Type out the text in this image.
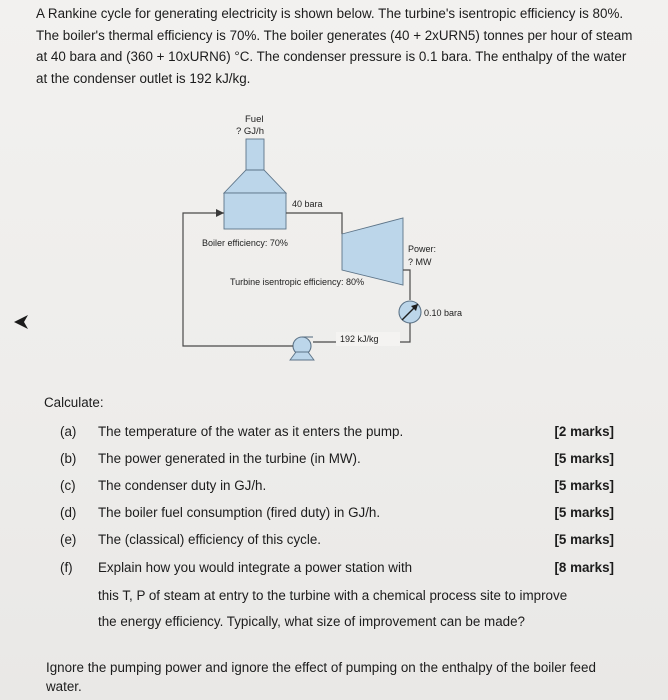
A Rankine cycle for generating electricity is shown below. The turbine's isentropic efficiency is 80%. The boiler's thermal efficiency is 70%. The boiler generates (40 + 2xURN5) tonnes per hour of steam at 40 bara and (360 + 10xURN6) °C. The condenser pressure is 0.1 bara. The enthalpy of the water at the condenser outlet is 192 kJ/kg.

Fuel
? GJ/h
40 bara
Boiler efficiency: 70%
Power:
? MW
Turbine isentropic efficiency: 80%
0.10 bara
192 kJ/kg
Calculate:
(a) The temperature of the water as it enters the pump.	[2 marks]
(b) The power generated in the turbine (in MW).	[5 marks]
(c) The condenser duty in GJ/h.	[5 marks]
(d) The boiler fuel consumption (fired duty) in GJ/h.	[5 marks]
(e) The (classical) efficiency of this cycle.	[5 marks]
(f) Explain how you would integrate a power station with	[8 marks]
this T, P of steam at entry to the turbine with a chemical process site to improve
the energy efficiency. Typically, what size of improvement can be made?
Ignore the pumping power and ignore the effect of pumping on the enthalpy of the boiler feed water.
